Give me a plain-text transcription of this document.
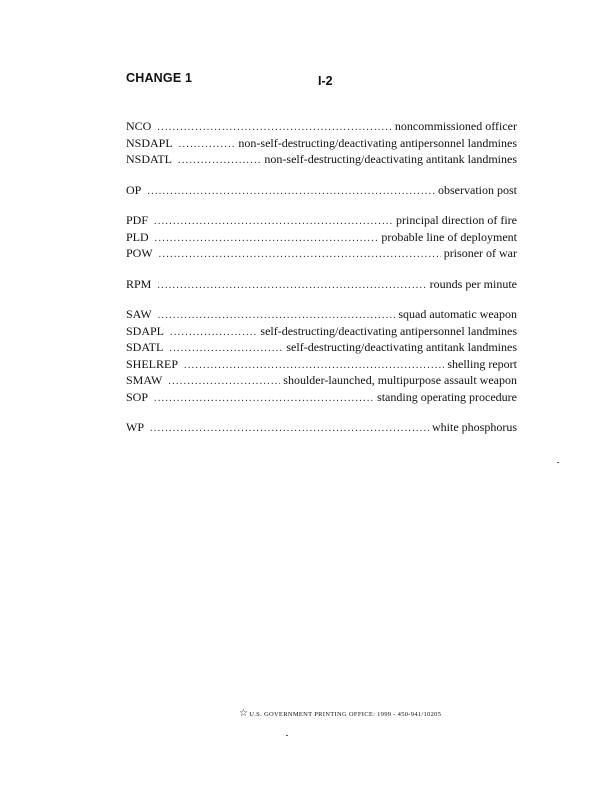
CHANGE 1	I-2
NCO .....	noncommissioned officer
NSDAPL .....	non-self-destructing/deactivating antipersonnel landmines
NSDATL .....	non-self-destructing/deactivating antitank landmines
OP .....	observation post
PDF .....	principal direction of fire
PLD .....	probable line of deployment
POW .....	prisoner of war
RPM .....	rounds per minute
SAW .....	squad automatic weapon
SDAPL .....	self-destructing/deactivating antipersonnel landmines
SDATL .....	self-destructing/deactivating antitank landmines
SHELREP .....	shelling report
SMAW .....	shoulder-launched, multipurpose assault weapon
SOP .....	standing operating procedure
WP .....	white phosphorus
☆ U.S. GOVERNMENT PRINTING OFFICE: 1999 - 450-941/10205
